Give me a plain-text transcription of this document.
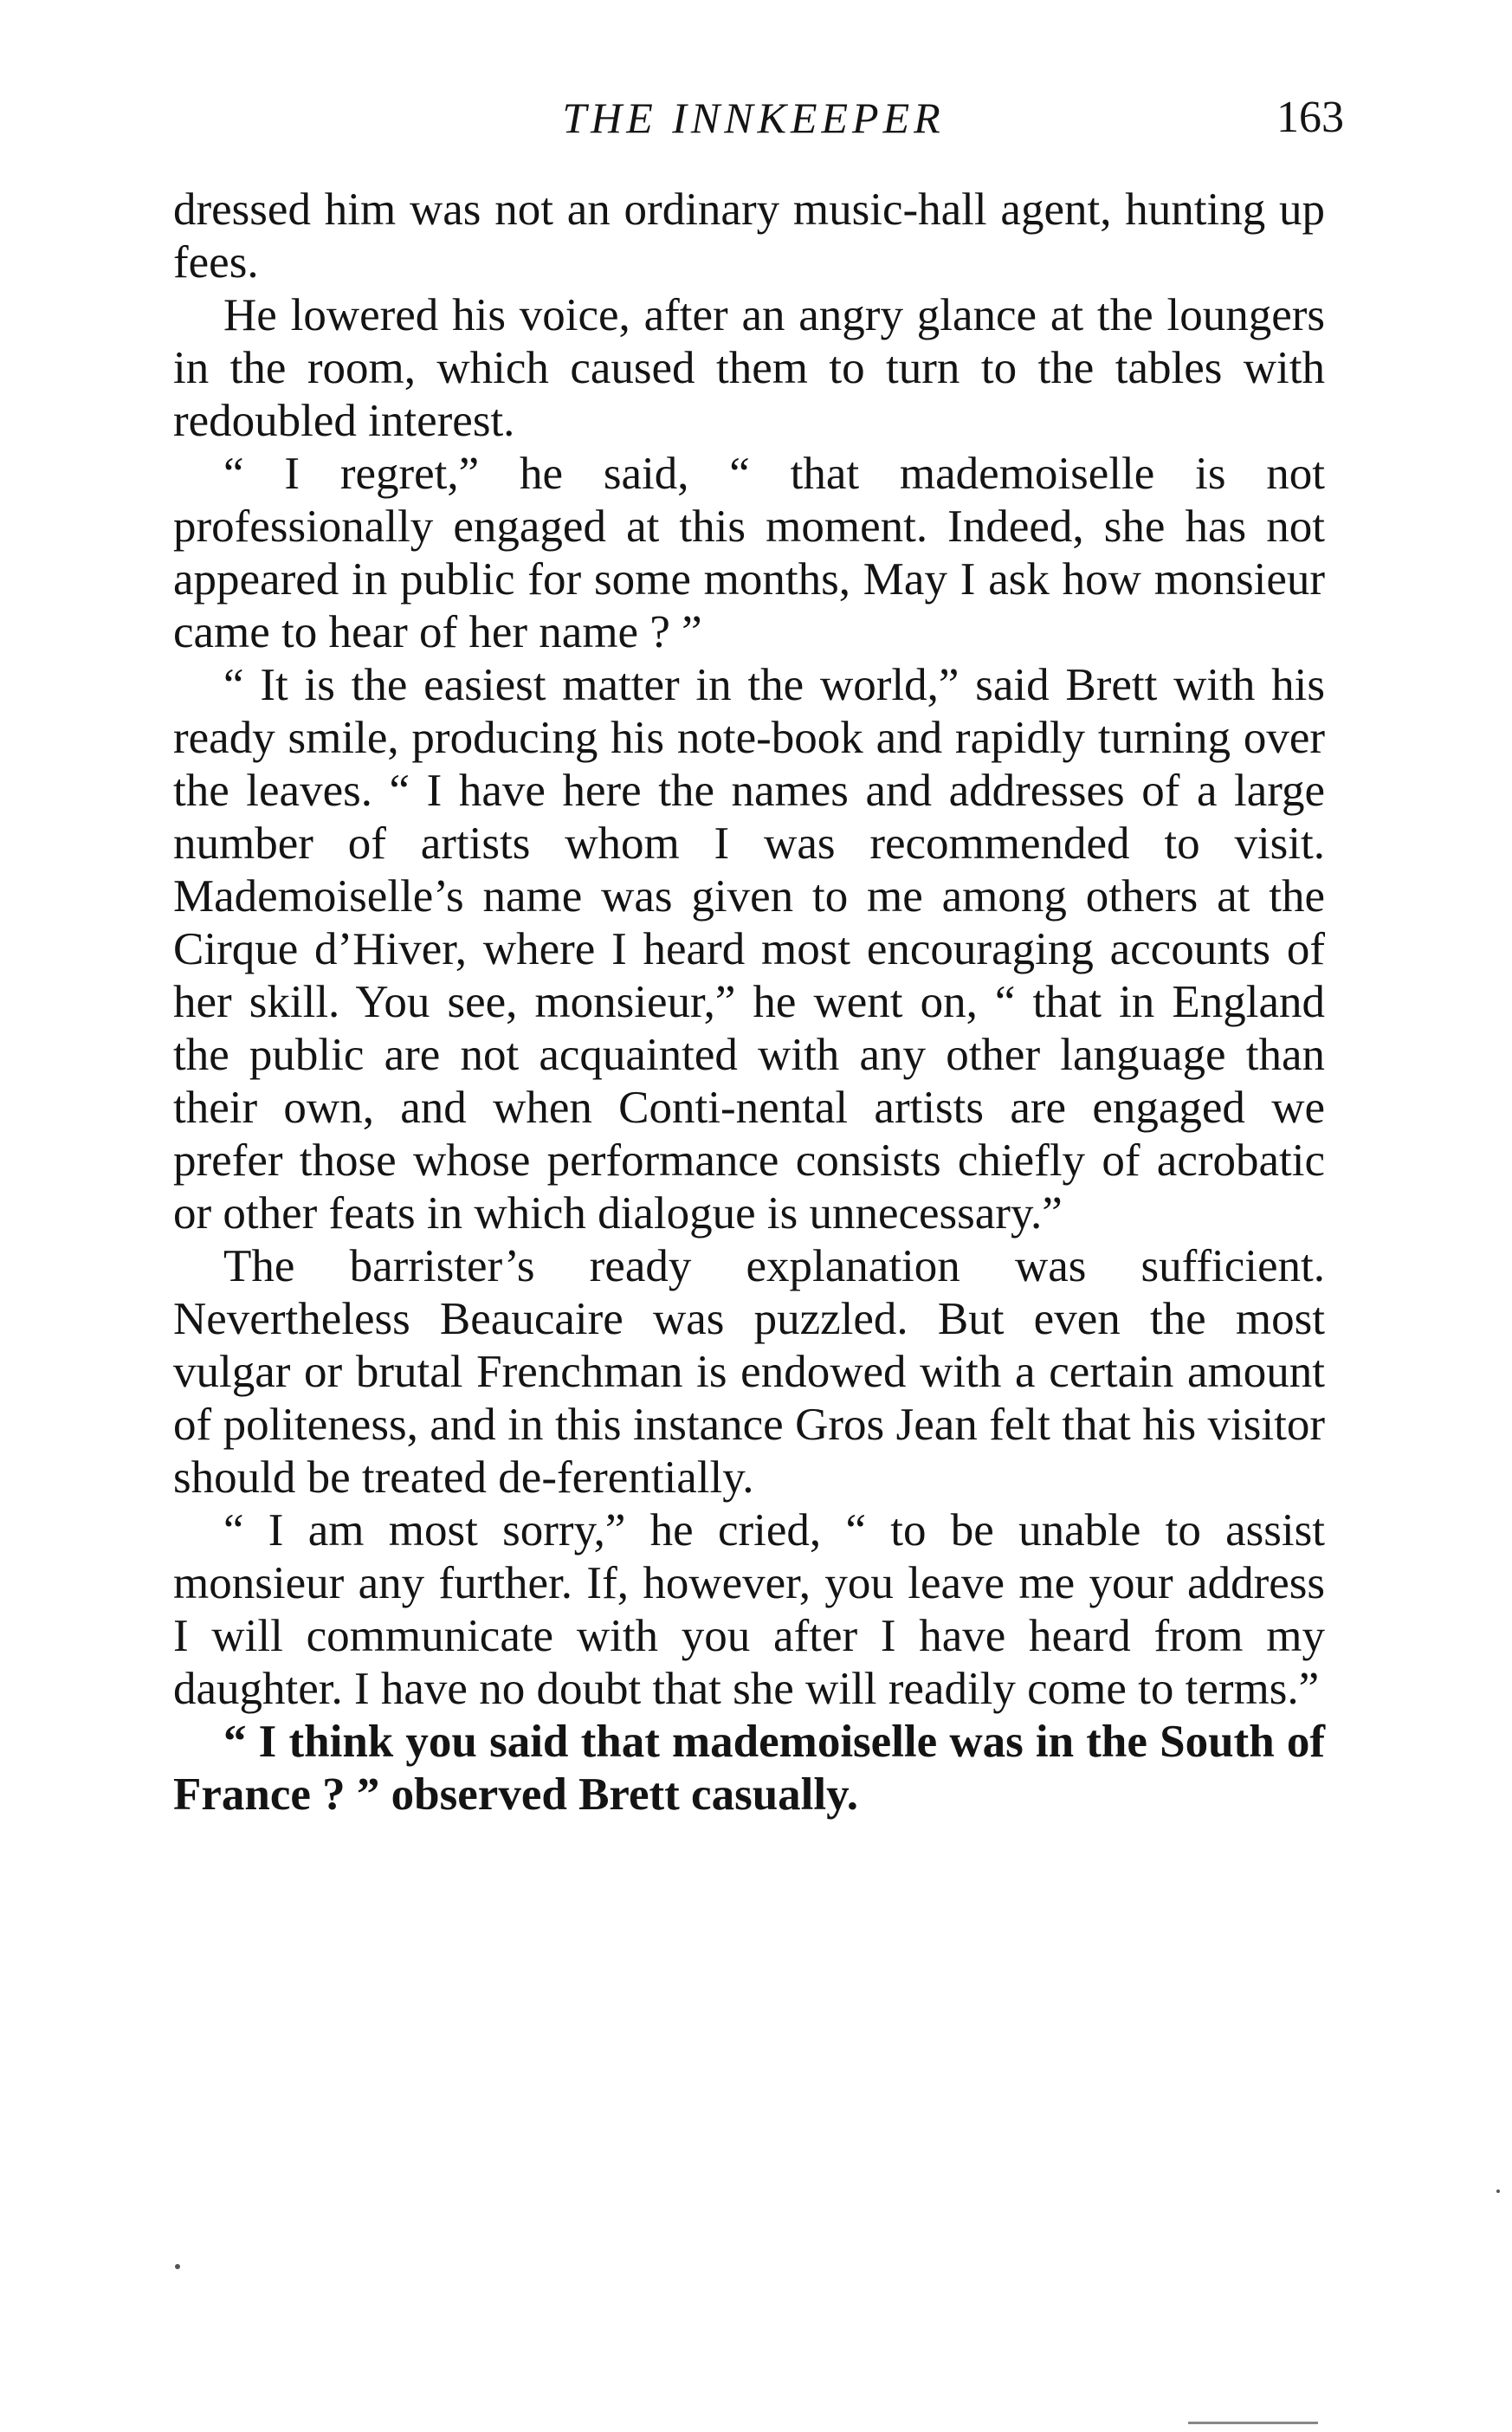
THE INNKEEPER	163

dressed him was not an ordinary music-hall agent, hunting up fees.

He lowered his voice, after an angry glance at the loungers in the room, which caused them to turn to the tables with redoubled interest.

“ I regret,” he said, “ that mademoiselle is not professionally engaged at this moment. Indeed, she has not appeared in public for some months, May I ask how monsieur came to hear of her name ? ”

“ It is the easiest matter in the world,” said Brett with his ready smile, producing his note-book and rapidly turning over the leaves. “ I have here the names and addresses of a large number of artists whom I was recommended to visit. Mademoiselle’s name was given to me among others at the Cirque d’Hiver, where I heard most encouraging accounts of her skill. You see, monsieur,” he went on, “ that in England the public are not acquainted with any other language than their own, and when Conti-nental artists are engaged we prefer those whose performance consists chiefly of acrobatic or other feats in which dialogue is unnecessary.”

The barrister’s ready explanation was sufficient. Nevertheless Beaucaire was puzzled. But even the most vulgar or brutal Frenchman is endowed with a certain amount of politeness, and in this instance Gros Jean felt that his visitor should be treated de-ferentially.

“ I am most sorry,” he cried, “ to be unable to assist monsieur any further. If, however, you leave me your address I will communicate with you after I have heard from my daughter. I have no doubt that she will readily come to terms.”

“ I think you said that mademoiselle was in the South of France ? ” observed Brett casually.
